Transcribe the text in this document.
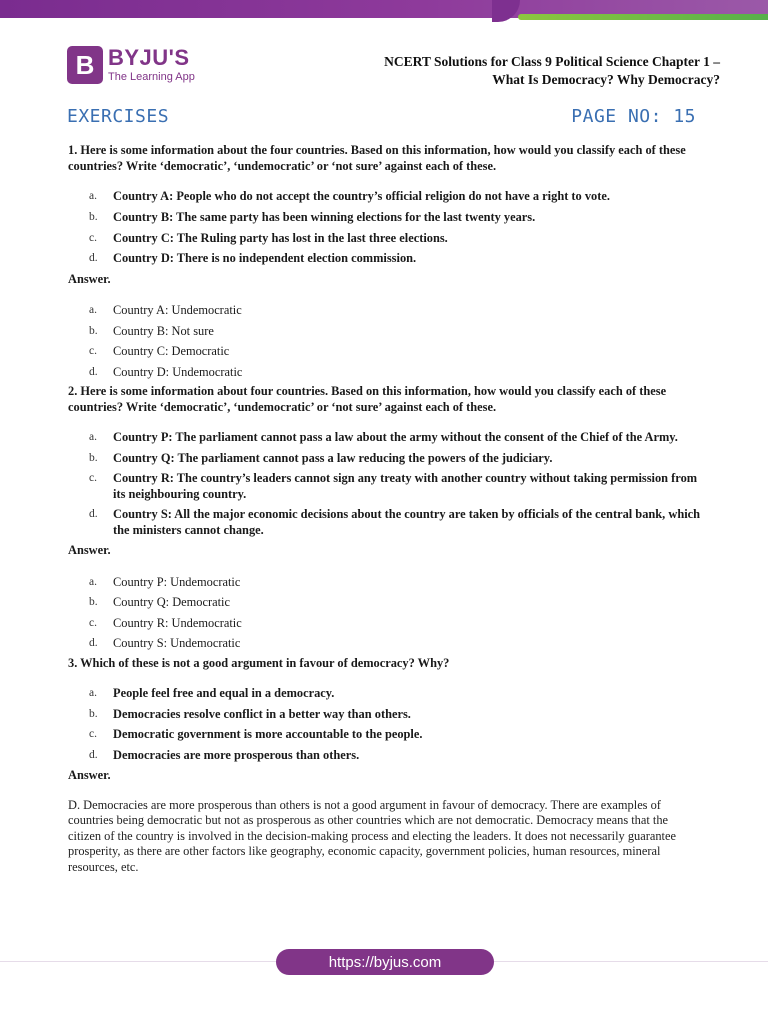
B BYJU'S
The Learning App
NCERT Solutions for Class 9 Political Science Chapter 1 –
What Is Democracy? Why Democracy?
EXERCISES	PAGE NO: 15

1. Here is some information about the four countries. Based on this information, how would you classify each of these countries? Write ‘democratic’, ‘undemocratic’ or ‘not sure’ against each of these.

a. Country A: People who do not accept the country’s official religion do not have a right to vote.
b. Country B: The same party has been winning elections for the last twenty years.
c. Country C: The Ruling party has lost in the last three elections.
d. Country D: There is no independent election commission.

Answer.

a. Country A: Undemocratic
b. Country B: Not sure
c. Country C: Democratic
d. Country D: Undemocratic

2. Here is some information about four countries. Based on this information, how would you classify each of these countries? Write ‘democratic’, ‘undemocratic’ or ‘not sure’ against each of these.

a. Country P: The parliament cannot pass a law about the army without the consent of the Chief of the Army.
b. Country Q: The parliament cannot pass a law reducing the powers of the judiciary.
c. Country R: The country’s leaders cannot sign any treaty with another country without taking permission from its neighbouring country.
d. Country S: All the major economic decisions about the country are taken by officials of the central bank, which the ministers cannot change.

Answer.

a. Country P: Undemocratic
b. Country Q: Democratic
c. Country R: Undemocratic
d. Country S: Undemocratic

3. Which of these is not a good argument in favour of democracy? Why?

a. People feel free and equal in a democracy.
b. Democracies resolve conflict in a better way than others.
c. Democratic government is more accountable to the people.
d. Democracies are more prosperous than others.

Answer.

D. Democracies are more prosperous than others is not a good argument in favour of democracy. There are examples of countries being democratic but not as prosperous as other countries which are not democratic. Democracy means that the citizen of the country is involved in the decision-making process and electing the leaders. It does not necessarily guarantee prosperity, as there are other factors like geography, economic capacity, government policies, human resources, mineral resources, etc.

https://byjus.com
